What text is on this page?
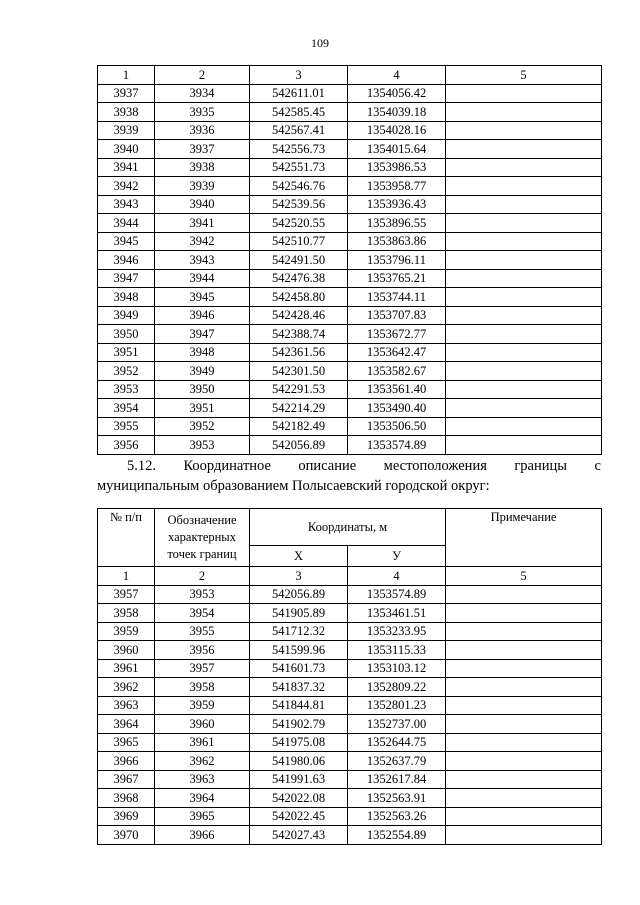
109
1	2	3	4	5
3937	3934	542611.01	1354056.42	
3938	3935	542585.45	1354039.18	
3939	3936	542567.41	1354028.16	
3940	3937	542556.73	1354015.64	
3941	3938	542551.73	1353986.53	
3942	3939	542546.76	1353958.77	
3943	3940	542539.56	1353936.43	
3944	3941	542520.55	1353896.55	
3945	3942	542510.77	1353863.86	
3946	3943	542491.50	1353796.11	
3947	3944	542476.38	1353765.21	
3948	3945	542458.80	1353744.11	
3949	3946	542428.46	1353707.83	
3950	3947	542388.74	1353672.77	
3951	3948	542361.56	1353642.47	
3952	3949	542301.50	1353582.67	
3953	3950	542291.53	1353561.40	
3954	3951	542214.29	1353490.40	
3955	3952	542182.49	1353506.50	
3956	3953	542056.89	1353574.89	
5.12. Координатное описание местоположения границы с
муниципальным образованием Полысаевский городской округ:
№ п/п	Обозначение характерных точек границ	Координаты, м		Примечание
		X	У	
1	2	3	4	5
3957	3953	542056.89	1353574.89	
3958	3954	541905.89	1353461.51	
3959	3955	541712.32	1353233.95	
3960	3956	541599.96	1353115.33	
3961	3957	541601.73	1353103.12	
3962	3958	541837.32	1352809.22	
3963	3959	541844.81	1352801.23	
3964	3960	541902.79	1352737.00	
3965	3961	541975.08	1352644.75	
3966	3962	541980.06	1352637.79	
3967	3963	541991.63	1352617.84	
3968	3964	542022.08	1352563.91	
3969	3965	542022.45	1352563.26	
3970	3966	542027.43	1352554.89	
